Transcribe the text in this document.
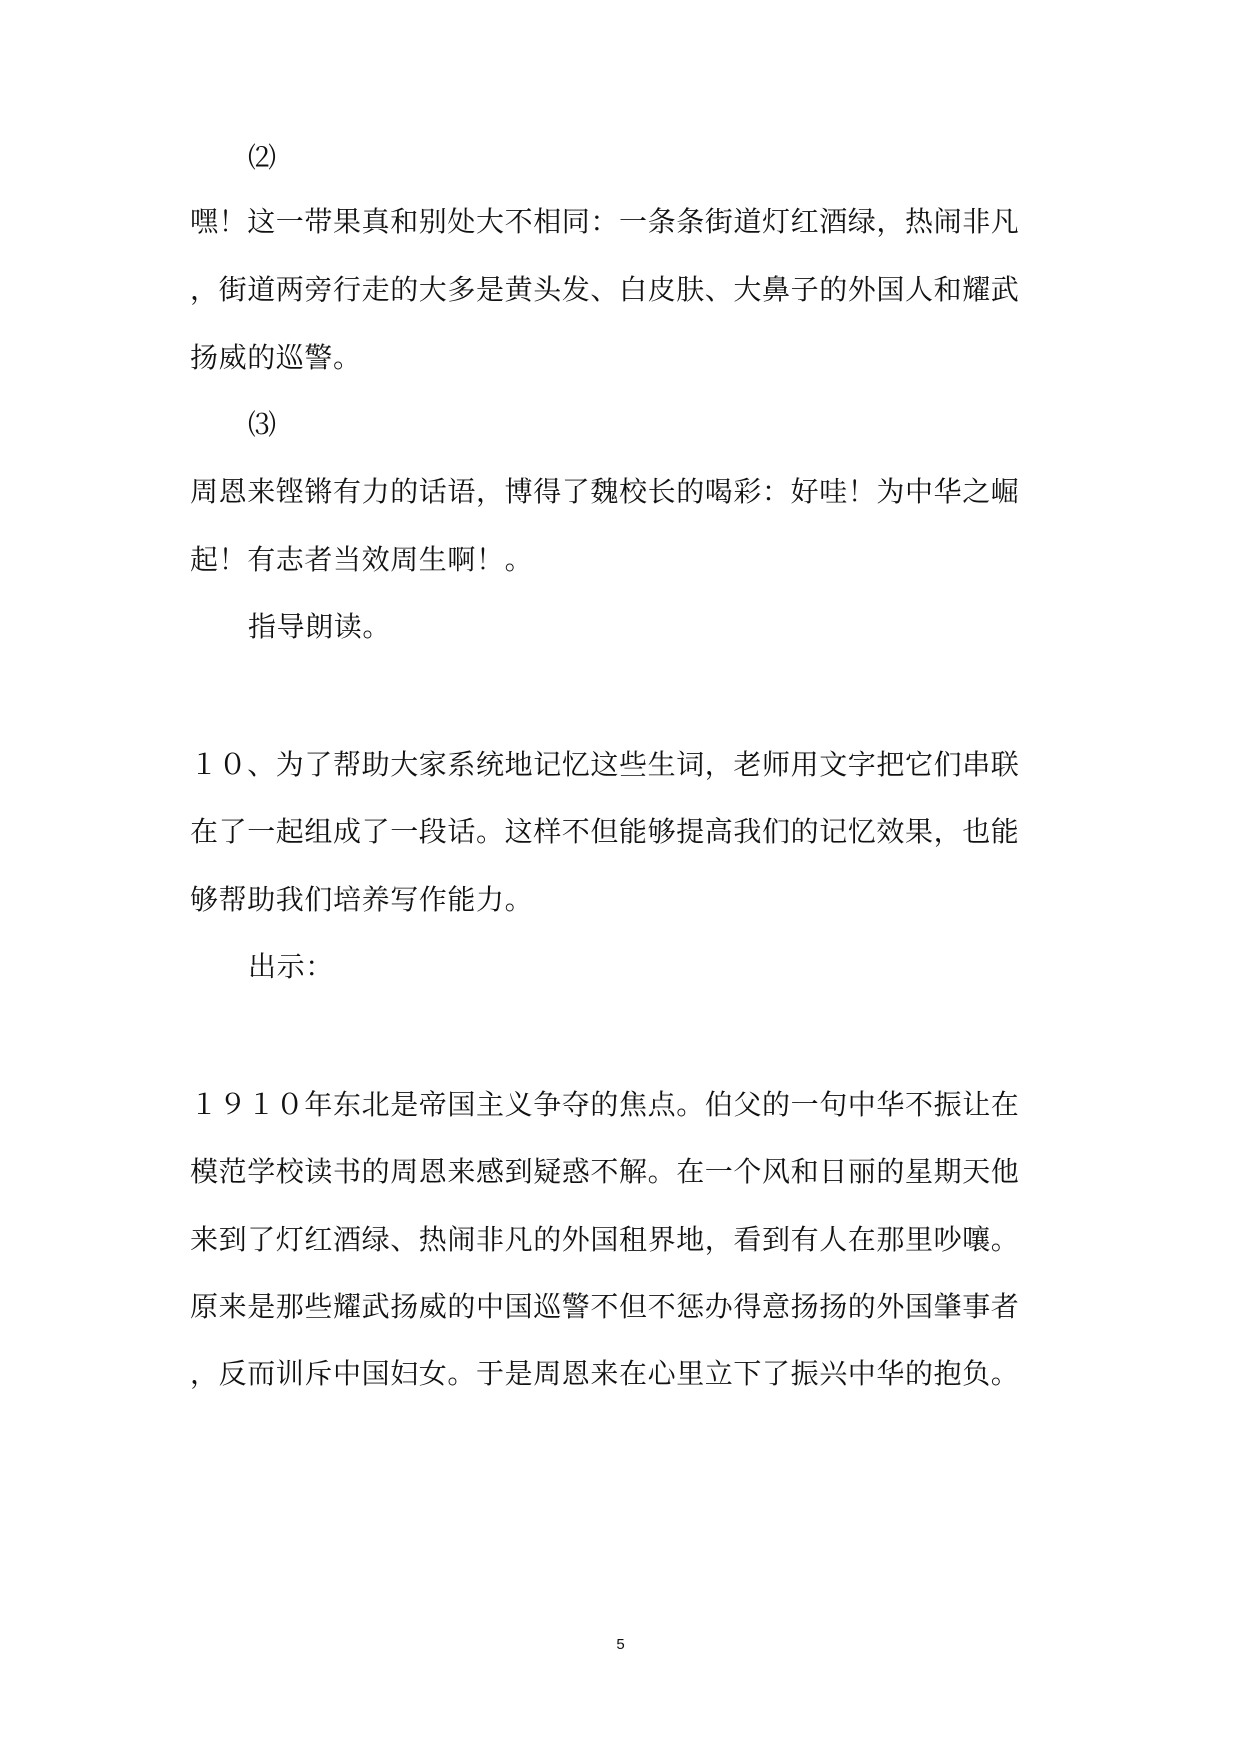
⑵
嘿！这一带果真和别处大不相同：一条条街道灯红酒绿，热闹非凡
，街道两旁行走的大多是黄头发、白皮肤、大鼻子的外国人和耀武
扬威的巡警。
⑶
周恩来铿锵有力的话语，博得了魏校长的喝彩：好哇！为中华之崛
起！有志者当效周生啊！。
指导朗读。
１０、为了帮助大家系统地记忆这些生词，老师用文字把它们串联
在了一起组成了一段话。这样不但能够提高我们的记忆效果，也能
够帮助我们培养写作能力。
出示：
１９１０年东北是帝国主义争夺的焦点。伯父的一句中华不振让在
模范学校读书的周恩来感到疑惑不解。在一个风和日丽的星期天他
来到了灯红酒绿、热闹非凡的外国租界地，看到有人在那里吵嚷。
原来是那些耀武扬威的中国巡警不但不惩办得意扬扬的外国肇事者
，反而训斥中国妇女。于是周恩来在心里立下了振兴中华的抱负。
5
